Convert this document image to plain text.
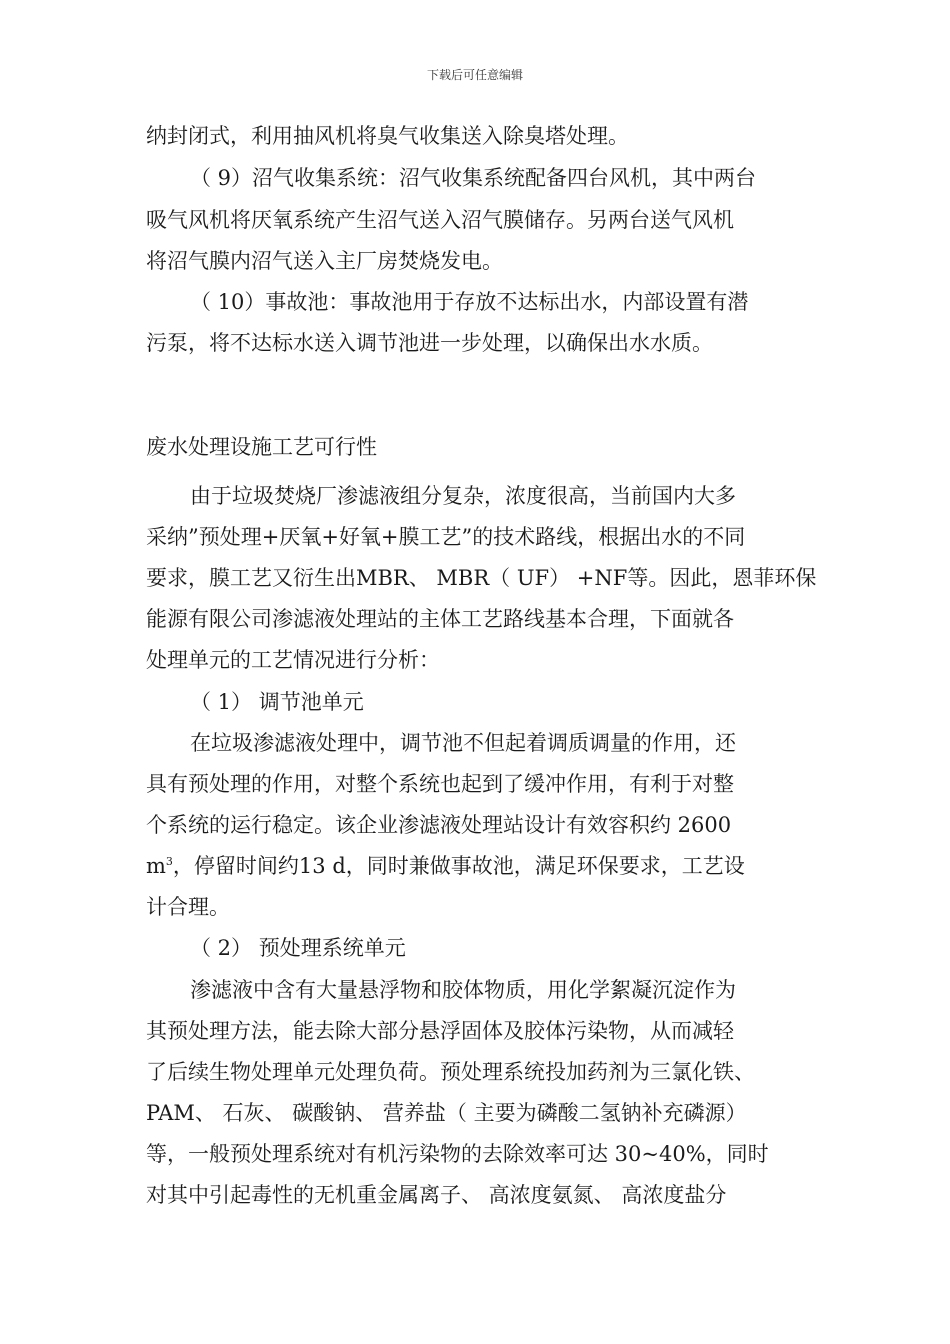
下载后可任意编辑
纳封闭式，利用抽风机将臭气收集送入除臭塔处理。
（ 9）沼气收集系统：沼气收集系统配备四台风机，其中两台
吸气风机将厌氧系统产生沼气送入沼气膜储存。另两台送气风机
将沼气膜内沼气送入主厂房焚烧发电。
（ 10）事故池：事故池用于存放不达标出水，内部设置有潜
污泵，将不达标水送入调节池进一步处理，以确保出水水质。
废水处理设施工艺可行性
由于垃圾焚烧厂渗滤液组分复杂，浓度很高，当前国内大多
采纳”预处理+厌氧+好氧+膜工艺”的技术路线，根据出水的不同
要求，膜工艺又衍生出MBR、 MBR（ UF） +NF等。因此，恩菲环保
能源有限公司渗滤液处理站的主体工艺路线基本合理，下面就各
处理单元的工艺情况进行分析：
（ 1） 调节池单元
在垃圾渗滤液处理中，调节池不但起着调质调量的作用，还
具有预处理的作用，对整个系统也起到了缓冲作用，有利于对整
个系统的运行稳定。该企业渗滤液处理站设计有效容积约 2600
$m^3$，停留时间约13 d，同时兼做事故池，满足环保要求，工艺设
计合理。
（ 2） 预处理系统单元
渗滤液中含有大量悬浮物和胶体物质，用化学絮凝沉淀作为
其预处理方法，能去除大部分悬浮固体及胶体污染物，从而减轻
了后续生物处理单元处理负荷。预处理系统投加药剂为三氯化铁、
PAM、 石灰、 碳酸钠、 营养盐（ 主要为磷酸二氢钠补充磷源）
等，一般预处理系统对有机污染物的去除效率可达 30~40%，同时
对其中引起毒性的无机重金属离子、 高浓度氨氮、 高浓度盐分
